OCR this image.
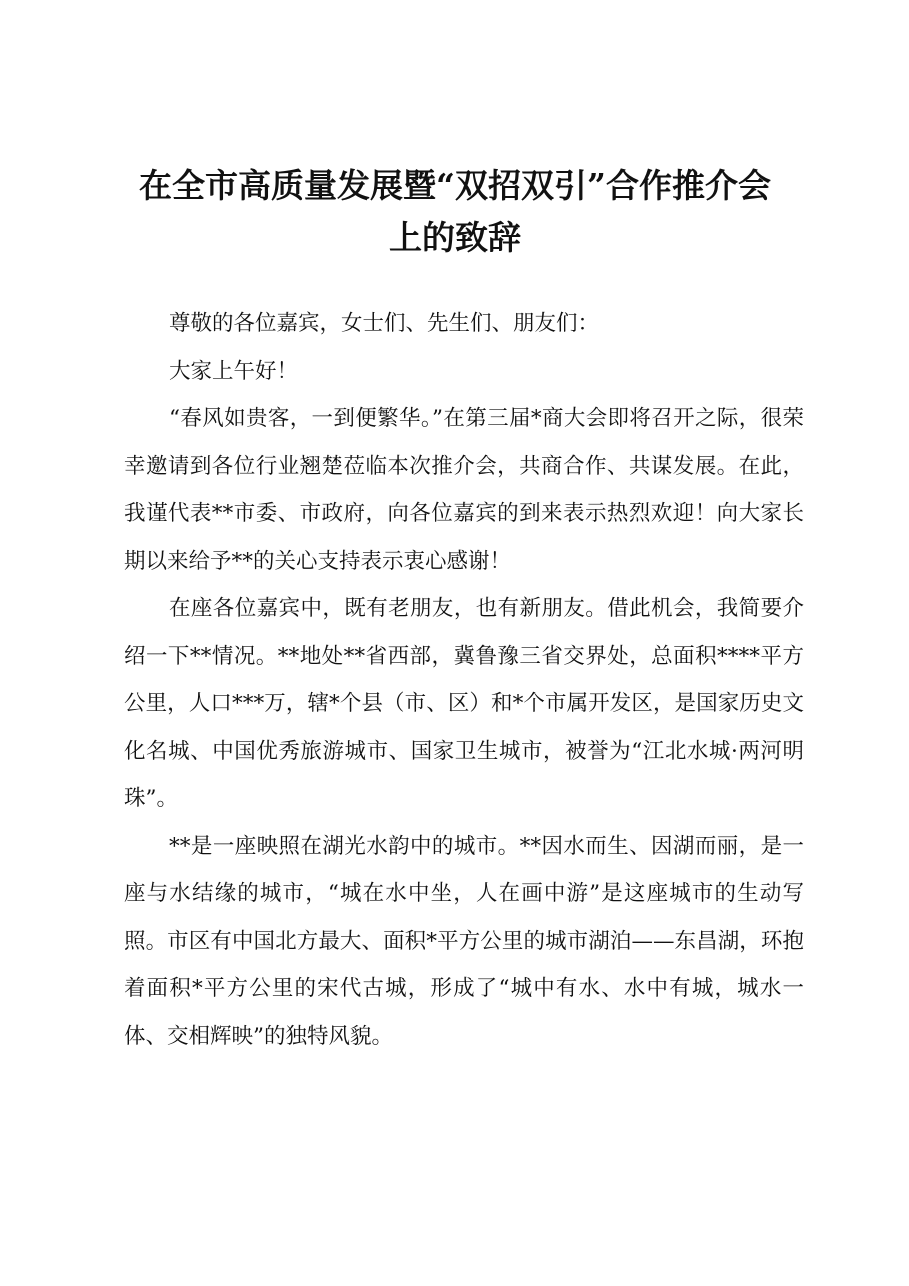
在全市高质量发展暨“双招双引”合作推介会
上的致辞

尊敬的各位嘉宾，女士们、先生们、朋友们：

大家上午好！

“春风如贵客，一到便繁华。”在第三届*商大会即将召开之际，很荣幸邀请到各位行业翘楚莅临本次推介会，共商合作、共谋发展。在此，我谨代表**市委、市政府，向各位嘉宾的到来表示热烈欢迎！向大家长期以来给予**的关心支持表示衷心感谢！

在座各位嘉宾中，既有老朋友，也有新朋友。借此机会，我简要介绍一下**情况。**地处**省西部，冀鲁豫三省交界处，总面积****平方公里，人口***万，辖*个县（市、区）和*个市属开发区，是国家历史文化名城、中国优秀旅游城市、国家卫生城市，被誉为“江北水城·两河明珠”。

**是一座映照在湖光水韵中的城市。**因水而生、因湖而丽，是一座与水结缘的城市，“城在水中坐，人在画中游”是这座城市的生动写照。市区有中国北方最大、面积*平方公里的城市湖泊——东昌湖，环抱着面积*平方公里的宋代古城，形成了“城中有水、水中有城，城水一体、交相辉映”的独特风貌。
